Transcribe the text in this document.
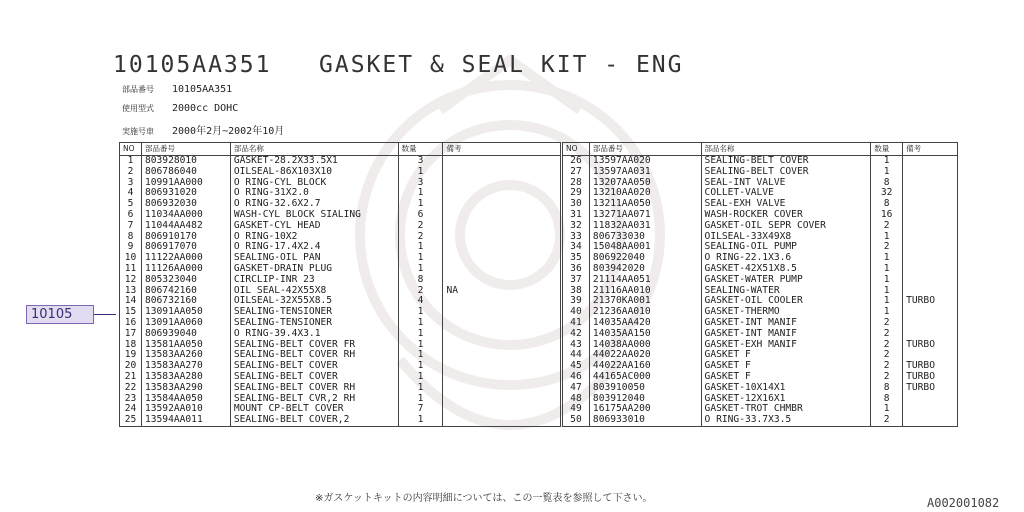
10105AA351   GASKET & SEAL KIT - ENG
部品番号 10105AA351
使用型式 2000cc DOHC
実施号車 2000年2月~2002年10月
NO	部品番号	部品名称	数量	備考
1	803928010	GASKET-28.2X33.5X1	3	
2	806786040	OILSEAL-86X103X10	1	
3	10991AA000	O RING-CYL BLOCK	3	
4	806931020	O RING-31X2.0	1	
5	806932030	O RING-32.6X2.7	1	
6	11034AA000	WASH-CYL BLOCK SIALING	6	
7	11044AA482	GASKET-CYL HEAD	2	
8	806910170	O RING-10X2	2	
9	806917070	O RING-17.4X2.4	1	
10	11122AA000	SEALING-OIL PAN	1	
11	11126AA000	GASKET-DRAIN PLUG	1	
12	805323040	CIRCLIP-INR 23	8	
13	806742160	OIL SEAL-42X55X8	2	NA
14	806732160	OILSEAL-32X55X8.5	4	
15	13091AA050	SEALING-TENSIONER	1	
16	13091AA060	SEALING-TENSIONER	1	
17	806939040	O RING-39.4X3.1	1	
18	13581AA050	SEALING-BELT COVER FR	1	
19	13583AA260	SEALING-BELT COVER RH	1	
20	13583AA270	SEALING-BELT COVER	1	
21	13583AA280	SEALING-BELT COVER	1	
22	13583AA290	SEALING-BELT COVER RH	1	
23	13584AA050	SEALING-BELT CVR,2 RH	1	
24	13592AA010	MOUNT CP-BELT COVER	7	
25	13594AA011	SEALING-BELT COVER,2	1	
NO	部品番号	部品名称	数量	備考
26	13597AA020	SEALING-BELT COVER	1	
27	13597AA031	SEALING-BELT COVER	1	
28	13207AA050	SEAL-INT VALVE	8	
29	13210AA020	COLLET-VALVE	32	
30	13211AA050	SEAL-EXH VALVE	8	
31	13271AA071	WASH-ROCKER COVER	16	
32	11832AA031	GASKET-OIL SEPR COVER	2	
33	806733030	OILSEAL-33X49X8	1	
34	15048AA001	SEALING-OIL PUMP	2	
35	806922040	O RING-22.1X3.6	1	
36	803942020	GASKET-42X51X8.5	1	
37	21114AA051	GASKET-WATER PUMP	1	
38	21116AA010	SEALING-WATER	1	
39	21370KA001	GASKET-OIL COOLER	1	TURBO
40	21236AA010	GASKET-THERMO	1	
41	14035AA420	GASKET-INT MANIF	2	
42	14035AA150	GASKET-INT MANIF	2	
43	14038AA000	GASKET-EXH MANIF	2	TURBO
44	44022AA020	GASKET F	2	
45	44022AA160	GASKET F	2	TURBO
46	44165AC000	GASKET F	2	TURBO
47	803910050	GASKET-10X14X1	8	TURBO
48	803912040	GASKET-12X16X1	8	
49	16175AA200	GASKET-TROT CHMBR	1	
50	806933010	O RING-33.7X3.5	2	
10105
※ガスケットキットの内容明細については、この一覧表を参照して下さい。	A002001082
